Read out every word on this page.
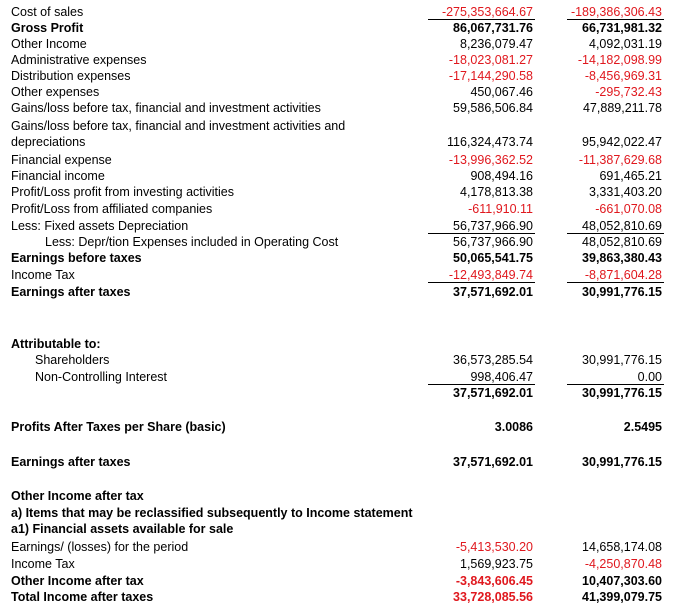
Cost of sales	-275,353,664.67	-189,386,306.43
Gross Profit	86,067,731.76	66,731,981.32
Other Income	8,236,079.47	4,092,031.19
Administrative expenses	-18,023,081.27	-14,182,098.99
Distribution expenses	-17,144,290.58	-8,456,969.31
Other expenses	450,067.46	-295,732.43
Gains/loss before tax, financial and investment activities	59,586,506.84	47,889,211.78
Gains/loss before tax, financial and investment activities and
depreciations	116,324,473.74	95,942,022.47
Financial expense	-13,996,362.52	-11,387,629.68
Financial income	908,494.16	691,465.21
Profit/Loss profit from investing activities	4,178,813.38	3,331,403.20
Profit/Loss from affiliated companies	-611,910.11	-661,070.08
Less: Fixed assets Depreciation	56,737,966.90	48,052,810.69
Less: Depr/tion Expenses included in Operating Cost	56,737,966.90	48,052,810.69
Earnings before taxes	50,065,541.75	39,863,380.43
Income Tax	-12,493,849.74	-8,871,604.28
Earnings after taxes	37,571,692.01	30,991,776.15
Attributable to:
Shareholders	36,573,285.54	30,991,776.15
Non-Controlling Interest	998,406.47	0.00
37,571,692.01	30,991,776.15
Profits After Taxes per Share (basic)	3.0086	2.5495
Earnings after taxes	37,571,692.01	30,991,776.15
Other Income after tax
a) Items that may be reclassified subsequently to Income statement
a1) Financial assets available for sale
Earnings/ (losses) for the period	-5,413,530.20	14,658,174.08
Income Tax	1,569,923.75	-4,250,870.48
Other Income after tax	-3,843,606.45	10,407,303.60
Total Income after taxes	33,728,085.56	41,399,079.75
